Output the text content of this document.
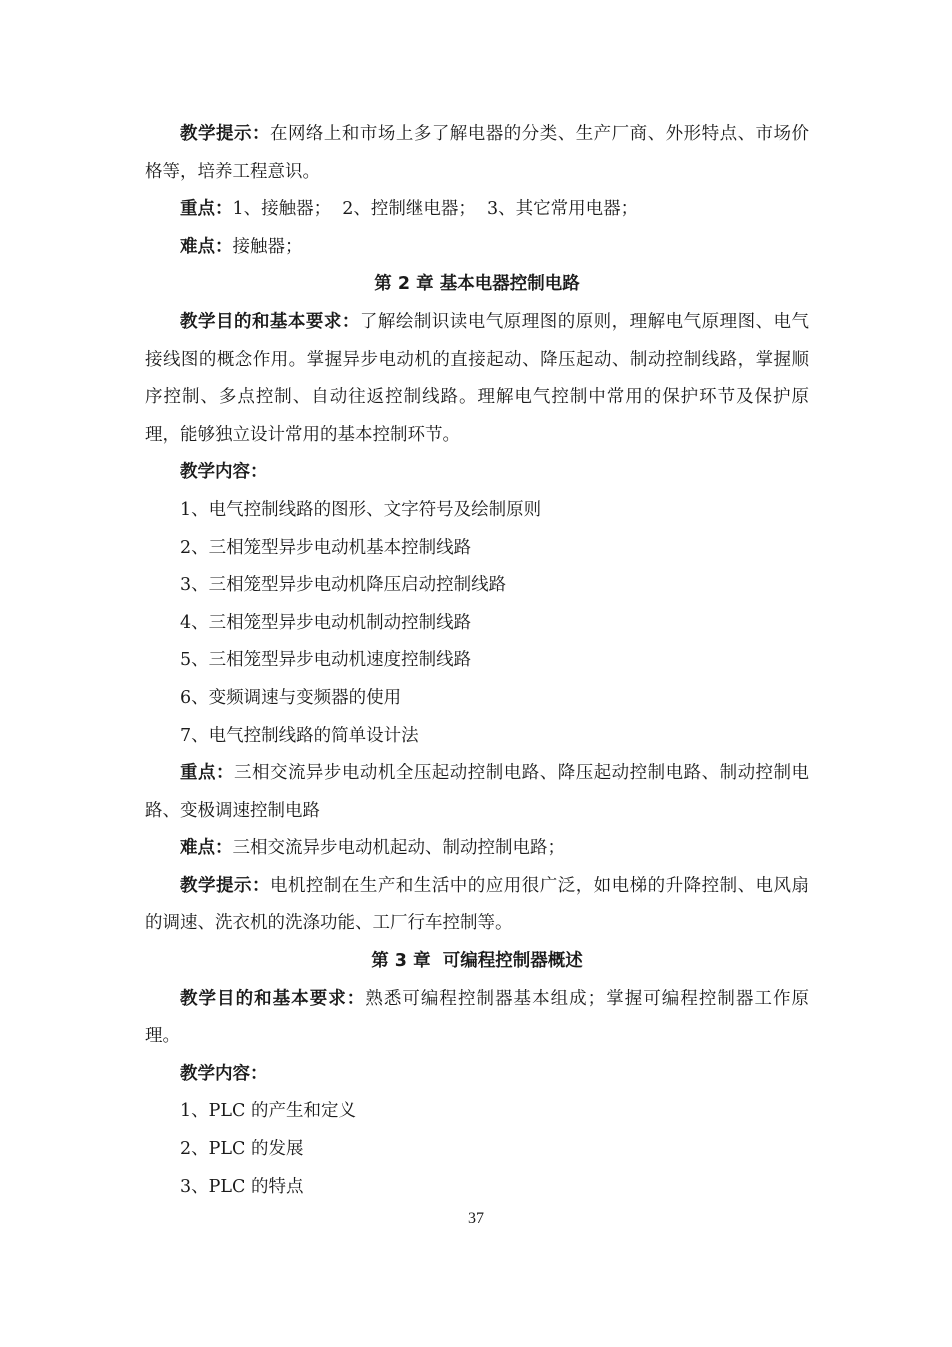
教学提示：在网络上和市场上多了解电器的分类、生产厂商、外形特点、市场价格等，培养工程意识。

重点：1、接触器；  2、控制继电器；  3、其它常用电器；

难点：接触器；

第 2 章 基本电器控制电路

教学目的和基本要求：了解绘制识读电气原理图的原则，理解电气原理图、电气接线图的概念作用。掌握异步电动机的直接起动、降压起动、制动控制线路，掌握顺序控制、多点控制、自动往返控制线路。理解电气控制中常用的保护环节及保护原理，能够独立设计常用的基本控制环节。

教学内容：

1、电气控制线路的图形、文字符号及绘制原则

2、三相笼型异步电动机基本控制线路

3、三相笼型异步电动机降压启动控制线路

4、三相笼型异步电动机制动控制线路

5、三相笼型异步电动机速度控制线路

6、变频调速与变频器的使用

7、电气控制线路的简单设计法

重点：三相交流异步电动机全压起动控制电路、降压起动控制电路、制动控制电路、变极调速控制电路

难点：三相交流异步电动机起动、制动控制电路；

教学提示：电机控制在生产和生活中的应用很广泛，如电梯的升降控制、电风扇的调速、洗衣机的洗涤功能、工厂行车控制等。

第 3 章  可编程控制器概述

教学目的和基本要求：熟悉可编程控制器基本组成；掌握可编程控制器工作原理。

教学内容：

1、PLC 的产生和定义

2、PLC 的发展

3、PLC 的特点

37
